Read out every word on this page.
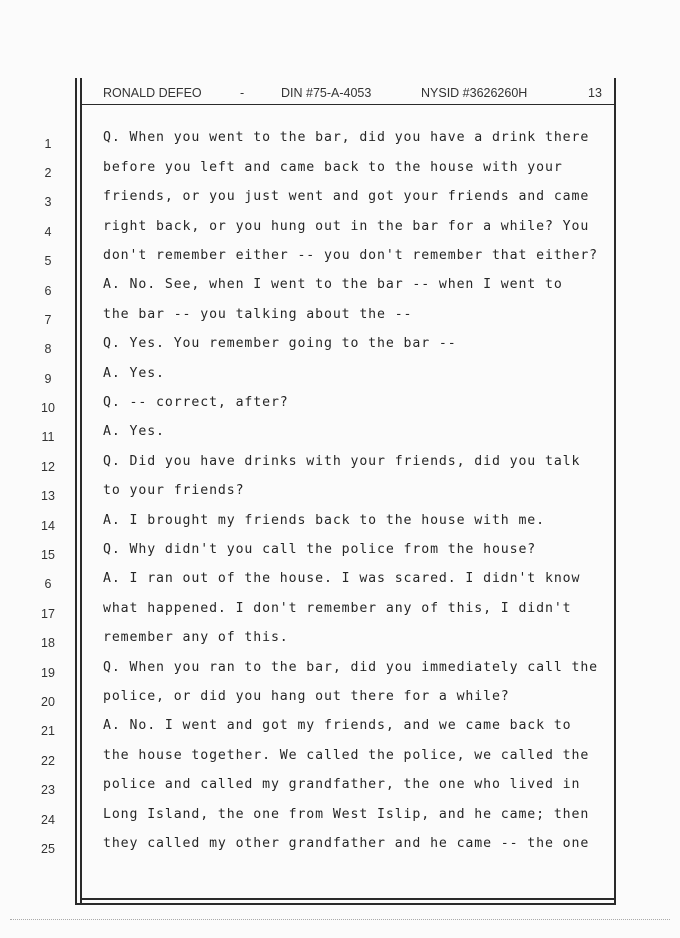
RONALD DEFEO	-	DIN #75-A-4053	NYSID #3626260H	13
1
2
3
4
5
6
7
8
9
10
11
12
13
14
15
6
17
18
19
20
21
22
23
24
25
Q. When you went to the bar, did you have a drink there
before you left and came back to the house with your
friends, or you just went and got your friends and came
right back, or you hung out in the bar for a while? You
don't remember either -- you don't remember that either?
A. No. See, when I went to the bar -- when I went to
the bar -- you talking about the --
Q. Yes. You remember going to the bar --
A. Yes.
Q. -- correct, after?
A. Yes.
Q. Did you have drinks with your friends, did you talk
to your friends?
A. I brought my friends back to the house with me.
Q. Why didn't you call the police from the house?
A. I ran out of the house. I was scared. I didn't know
what happened. I don't remember any of this, I didn't
remember any of this.
Q. When you ran to the bar, did you immediately call the
police, or did you hang out there for a while?
A. No. I went and got my friends, and we came back to
the house together. We called the police, we called the
police and called my grandfather, the one who lived in
Long Island, the one from West Islip, and he came; then
they called my other grandfather and he came -- the one
